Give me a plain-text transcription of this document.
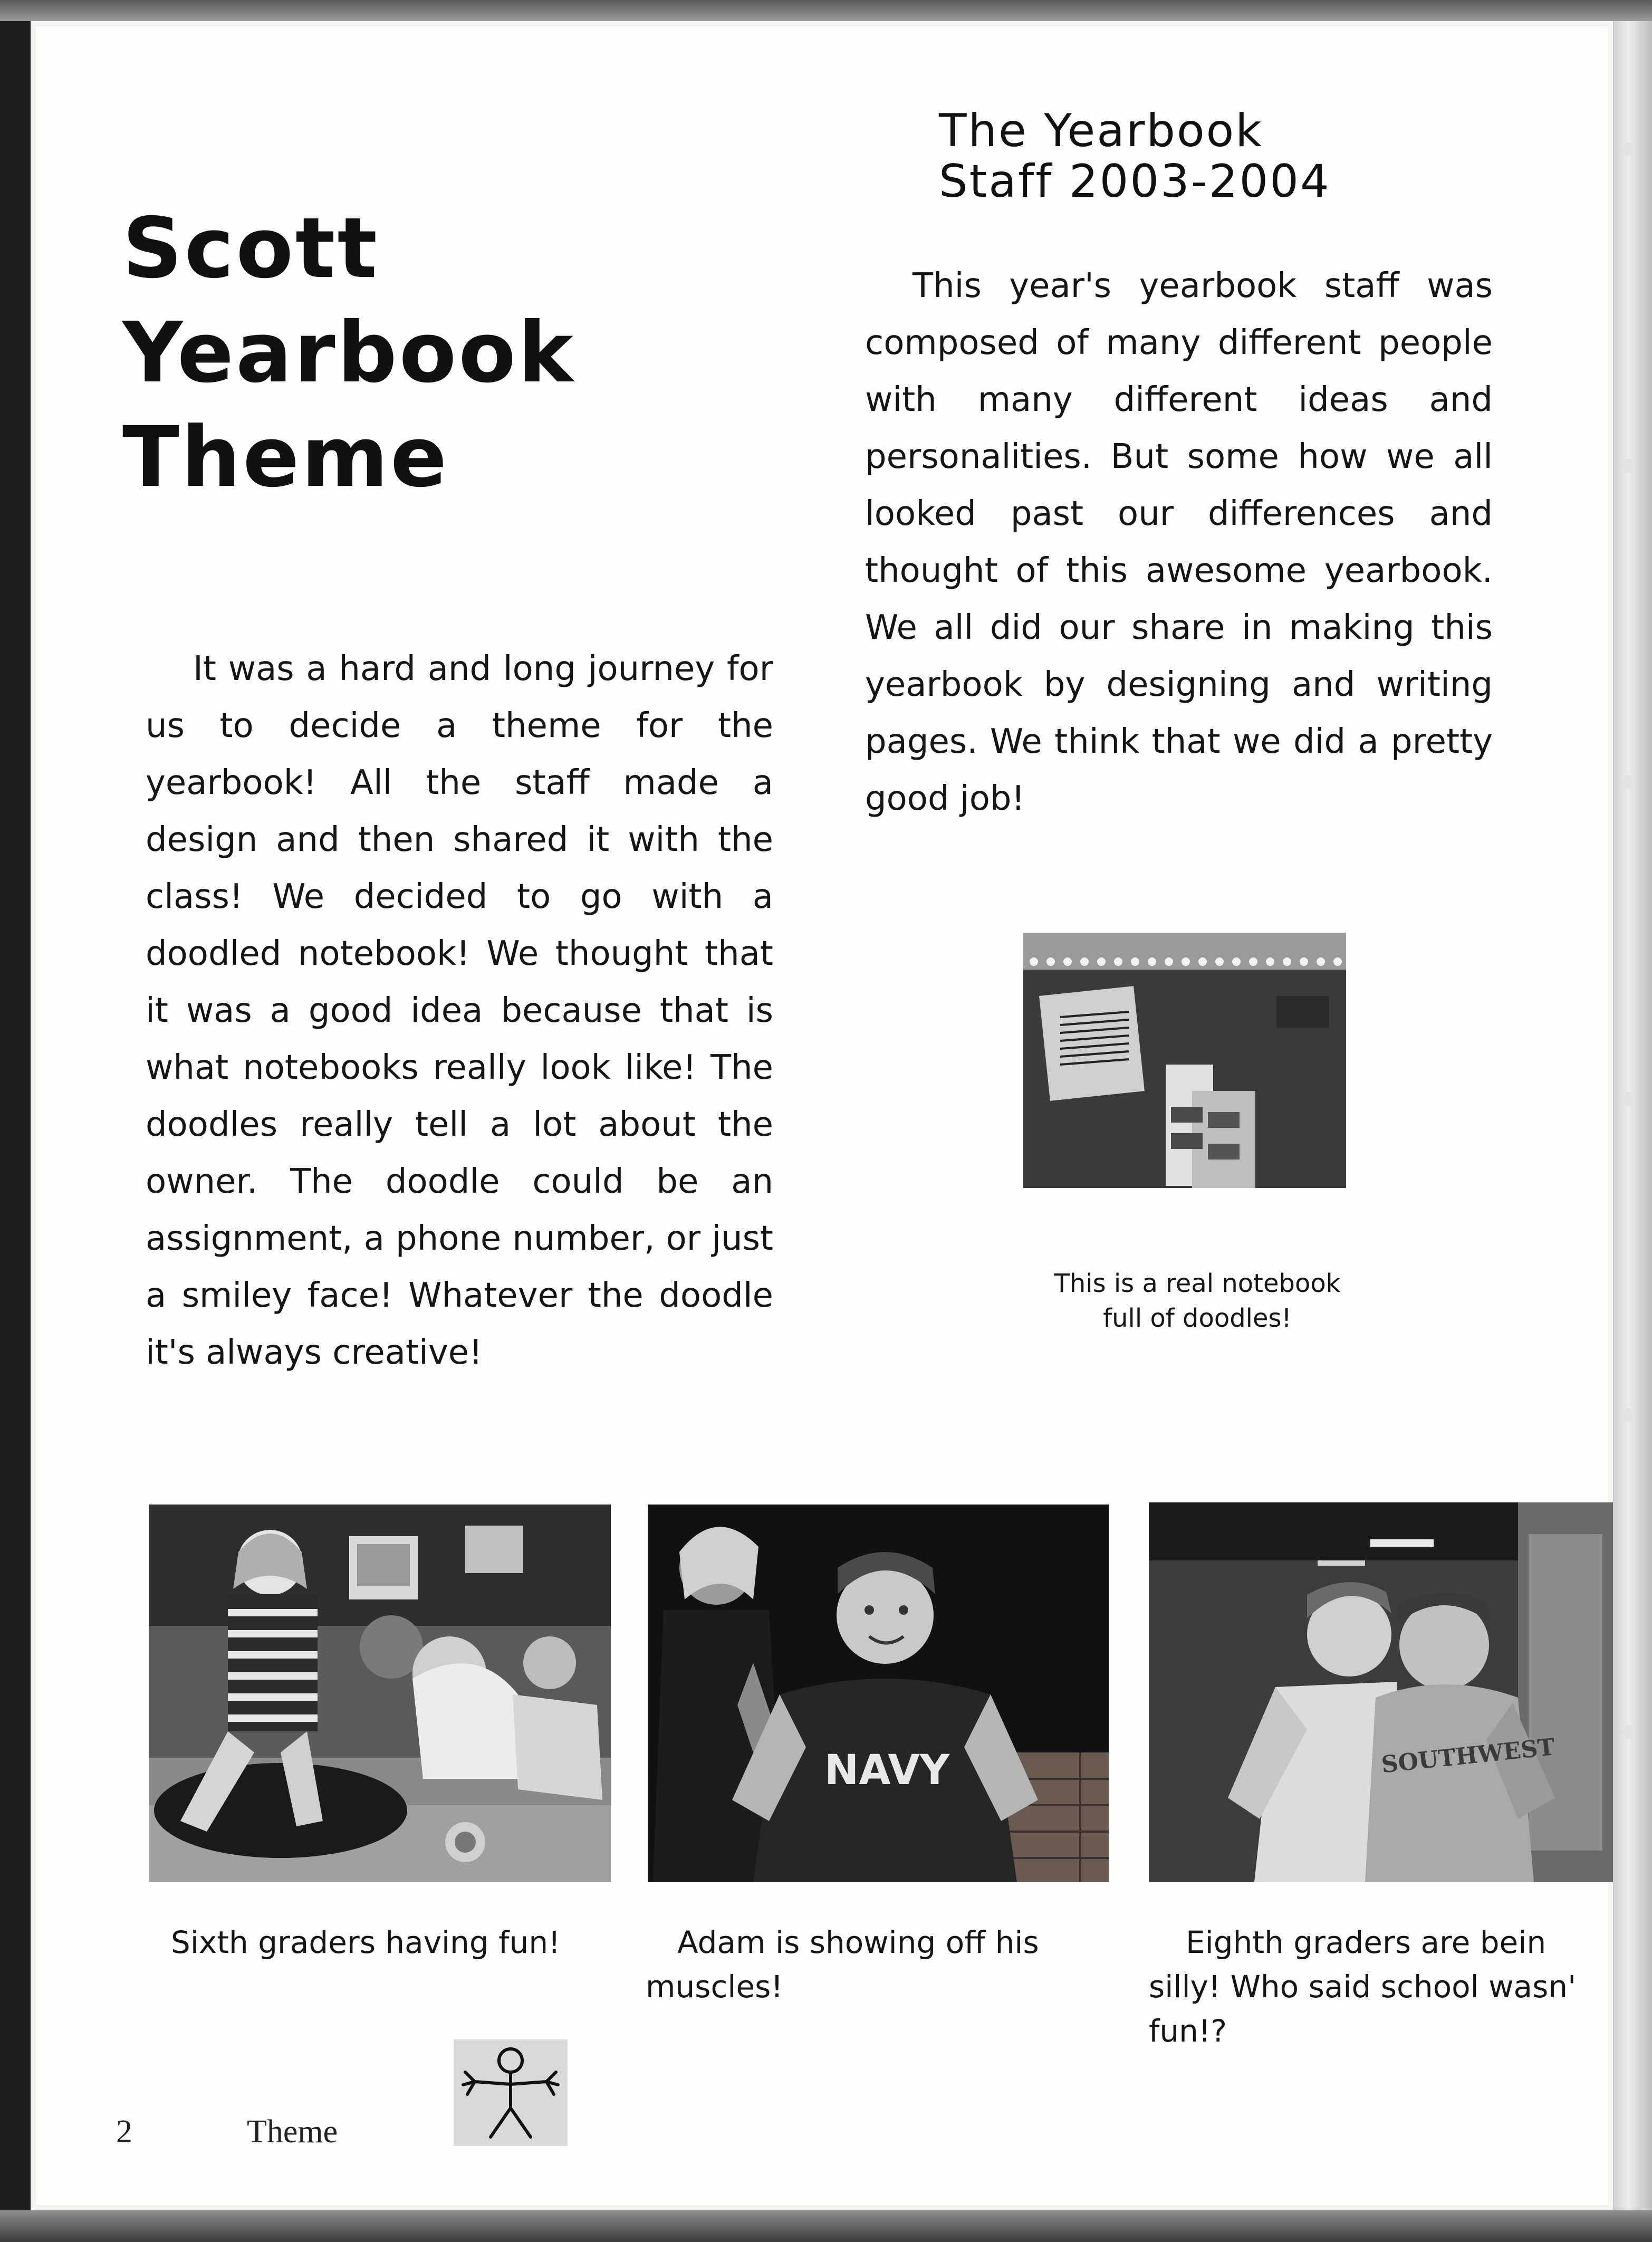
Scott
Yearbook
Theme
The Yearbook
Staff 2003-2004

This year's yearbook staff was composed of many different people with many different ideas and personalities. But some how we all looked past our differences and thought of this awesome yearbook. We all did our share in making this yearbook by designing and writing pages. We think that we did a pretty good job!

It was a hard and long journey for us to decide a theme for the yearbook! All the staff made a design and then shared it with the class! We decided to go with a doodled notebook! We thought that it was a good idea because that is what notebooks really look like! The doodles really tell a lot about the owner. The doodle could be an assignment, a phone number, or just a smiley face! Whatever the doodle it's always creative!

This is a real notebook full of doodles!

Sixth graders having fun!

NAVY

Adam is showing off his muscles!

SOUTHWEST

Eighth graders are bein
silly! Who said school wasn'
fun!?

2	Theme
